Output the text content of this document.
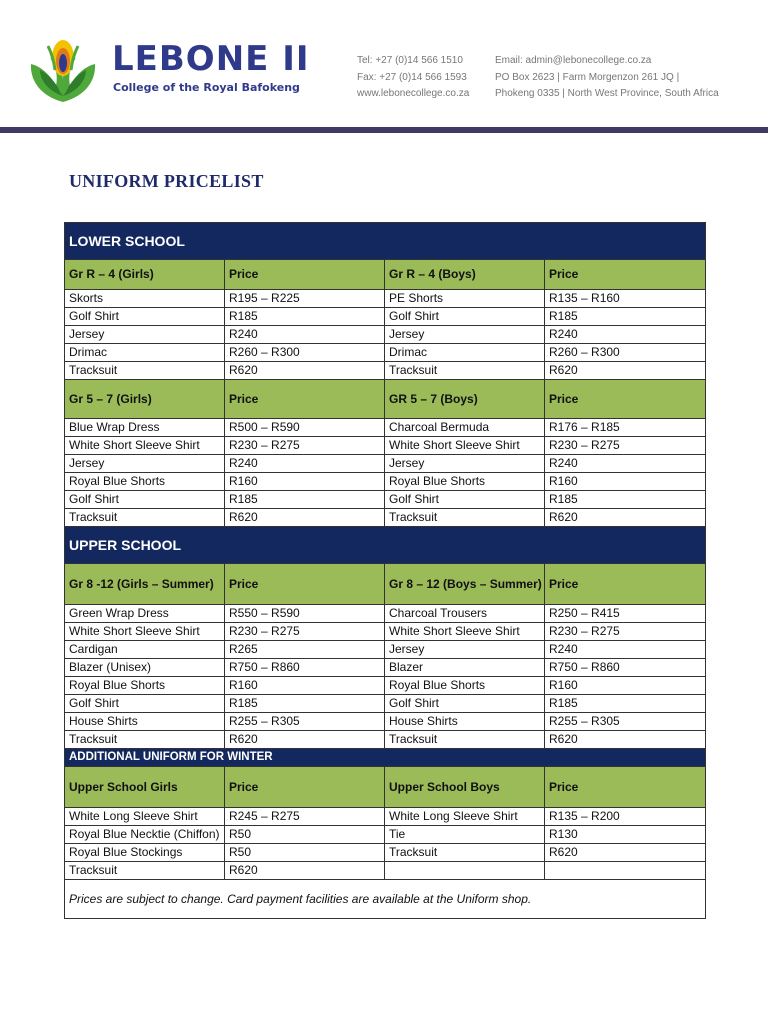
LEBONE II
College of the Royal Bafokeng
Tel: +27 (0)14 566 1510
Fax: +27 (0)14 566 1593
www.lebonecollege.co.za
Email: admin@lebonecollege.co.za
PO Box 2623 | Farm Morgenzon 261 JQ |
Phokeng 0335 | North West Province, South Africa
UNIFORM PRICELIST
LOWER SCHOOL			
Gr R – 4 (Girls)	Price	Gr R – 4 (Boys)	Price
Skorts	R195 – R225	PE Shorts	R135 – R160
Golf Shirt	R185	Golf Shirt	R185
Jersey	R240	Jersey	R240
Drimac	R260 – R300	Drimac	R260 – R300
Tracksuit	R620	Tracksuit	R620
Gr 5 – 7 (Girls)	Price	GR 5 – 7 (Boys)	Price
Blue Wrap Dress	R500 – R590	Charcoal Bermuda	R176 – R185
White Short Sleeve Shirt	R230 – R275	White Short Sleeve Shirt	R230 – R275
Jersey	R240	Jersey	R240
Royal Blue Shorts	R160	Royal Blue Shorts	R160
Golf Shirt	R185	Golf Shirt	R185
Tracksuit	R620	Tracksuit	R620
UPPER SCHOOL			
Gr 8 -12 (Girls – Summer)	Price	Gr 8 – 12 (Boys – Summer)	Price
Green Wrap Dress	R550 – R590	Charcoal Trousers	R250 – R415
White Short Sleeve Shirt	R230 – R275	White Short Sleeve Shirt	R230 – R275
Cardigan	R265	Jersey	R240
Blazer (Unisex)	R750 – R860	Blazer	R750 – R860
Royal Blue Shorts	R160	Royal Blue Shorts	R160
Golf Shirt	R185	Golf Shirt	R185
House Shirts	R255 – R305	House Shirts	R255 – R305
Tracksuit	R620	Tracksuit	R620
ADDITIONAL UNIFORM FOR WINTER			
Upper School Girls	Price	Upper School Boys	Price
White Long Sleeve Shirt	R245 – R275	White Long Sleeve Shirt	R135 – R200
Royal Blue Necktie (Chiffon)	R50	Tie	R130
Royal Blue Stockings	R50	Tracksuit	R620
Tracksuit	R620		
Prices are subject to change. Card payment facilities are available at the Uniform shop.			
